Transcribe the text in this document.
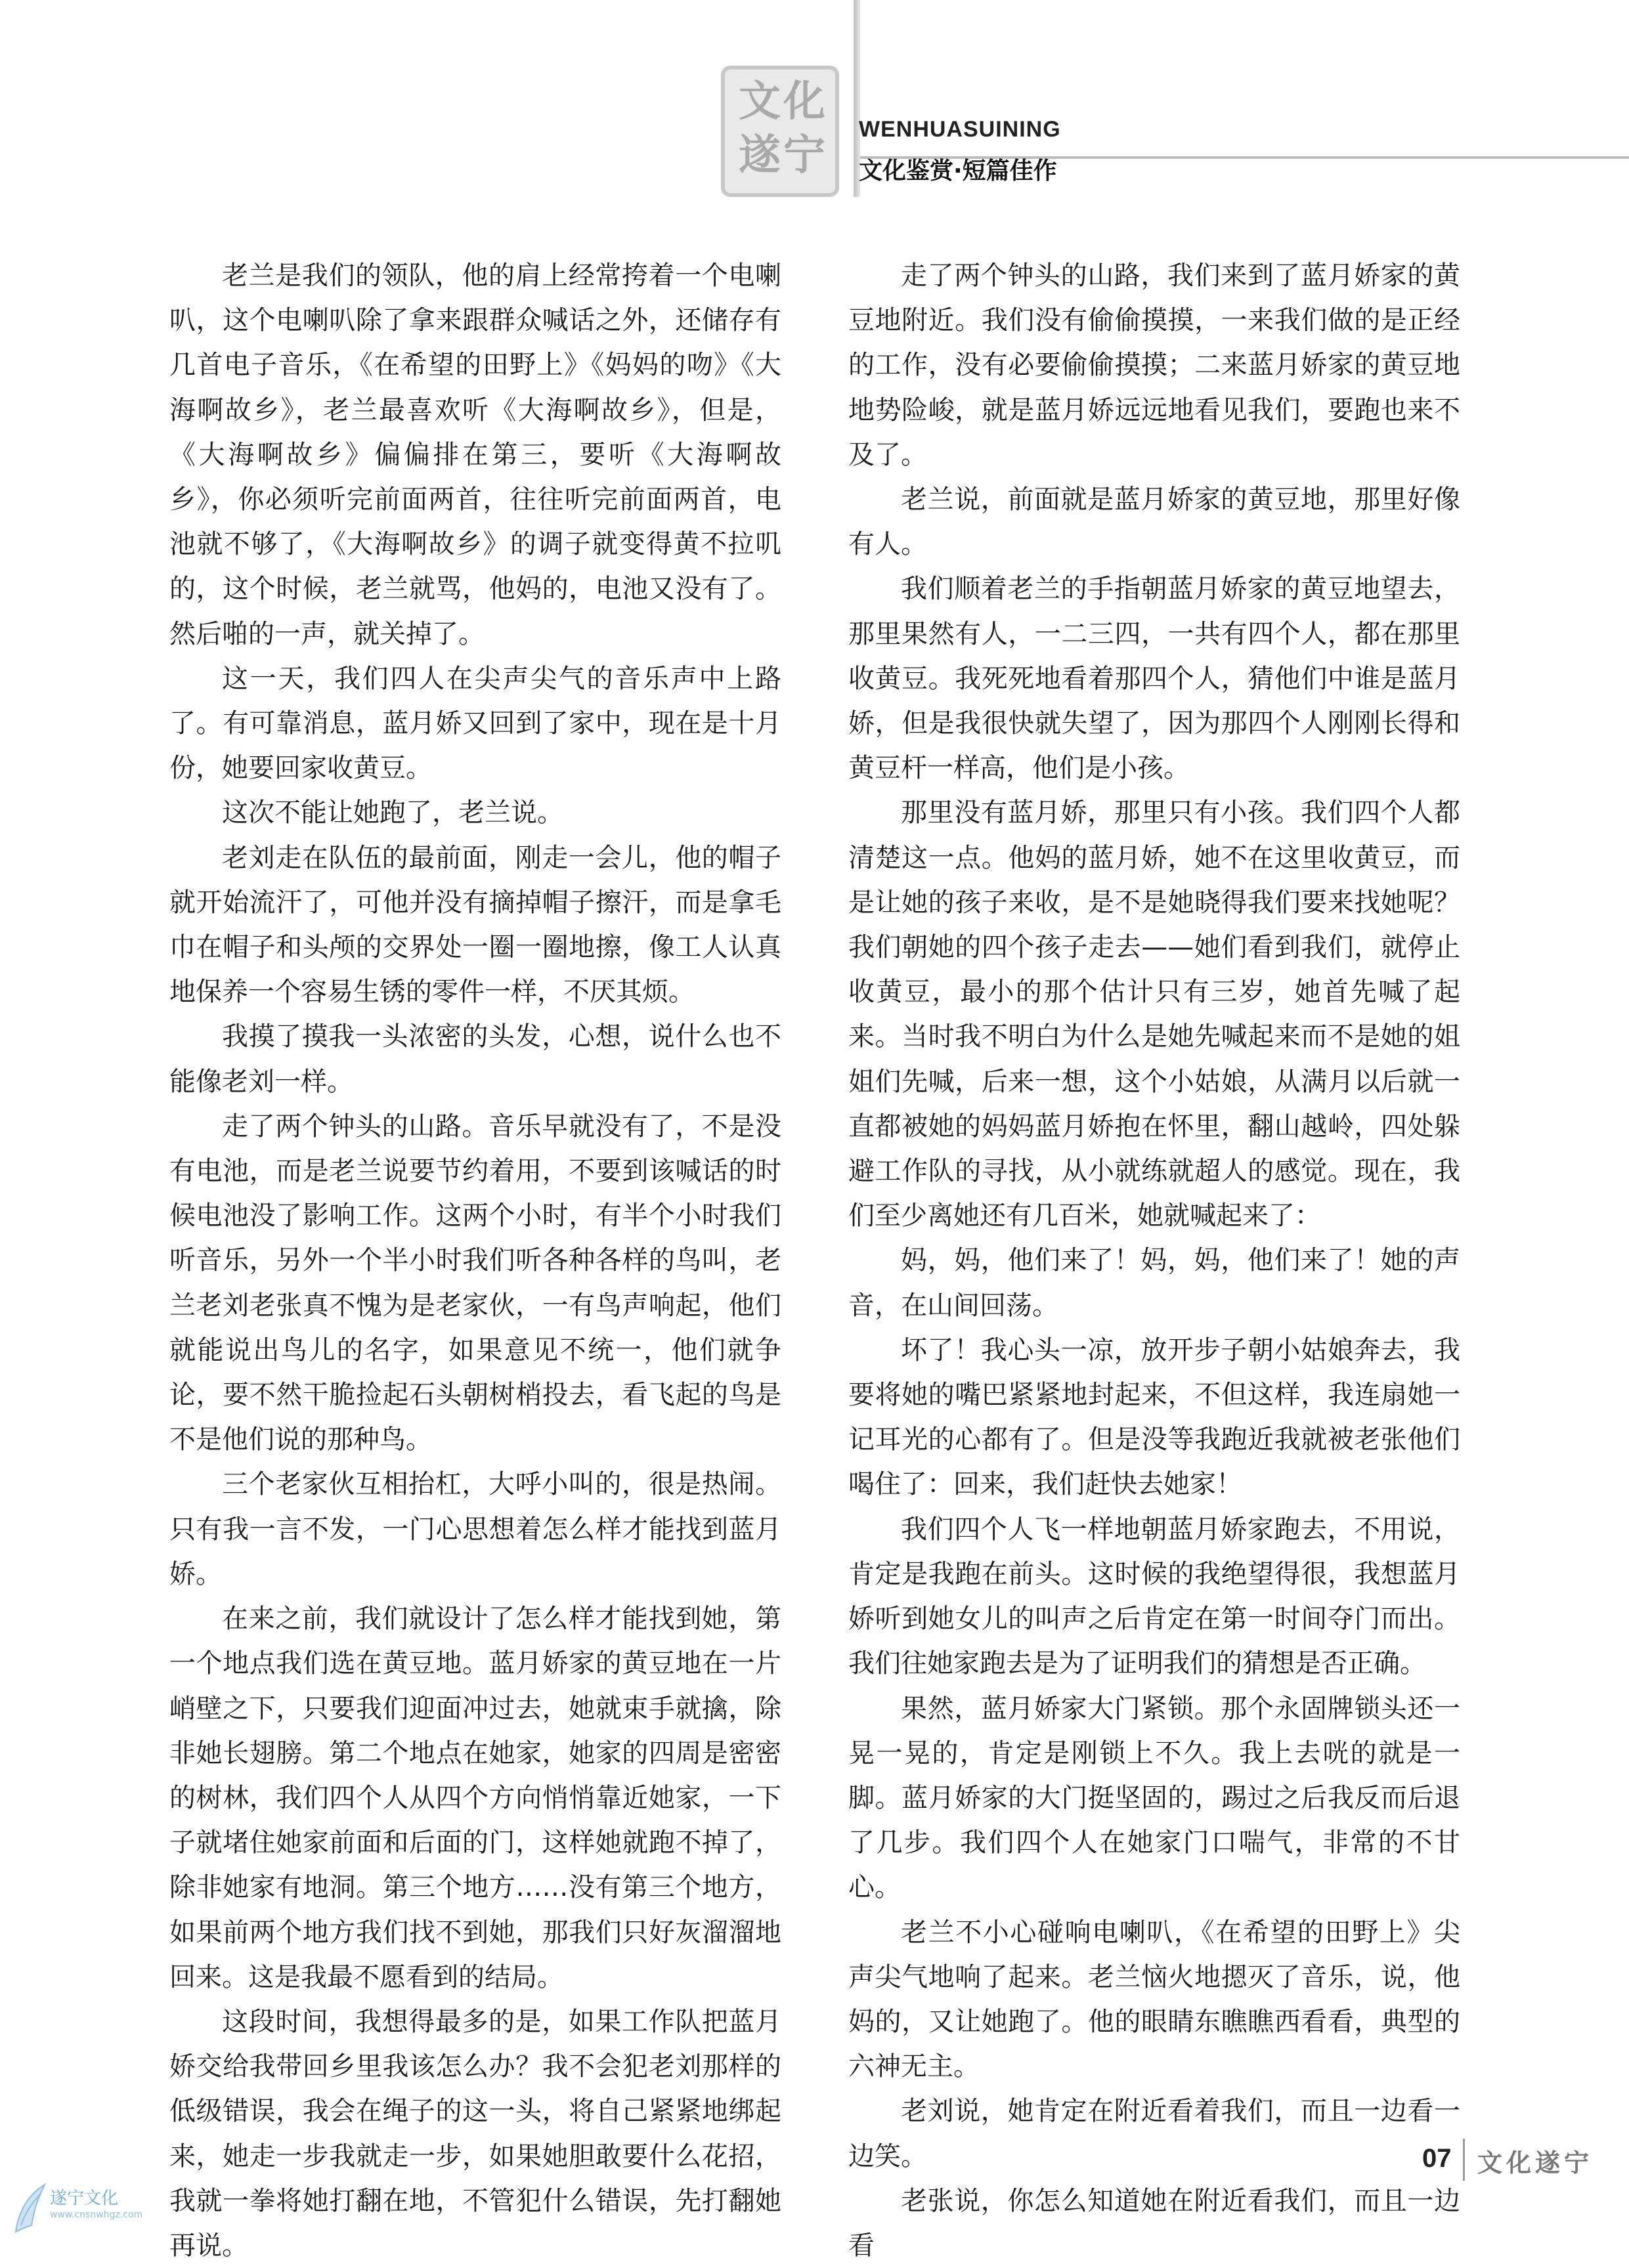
文 化
遂 宁
WENHUASUINING
文化鉴赏·短篇佳作

老兰是我们的领队，他的肩上经常挎着一个电喇叭，这个电喇叭除了拿来跟群众喊话之外，还储存有几首电子音乐，《在希望的田野上》《妈妈的吻》《大海啊故乡》，老兰最喜欢听《大海啊故乡》，但是，《大海啊故乡》偏偏排在第三，要听《大海啊故乡》，你必须听完前面两首，往往听完前面两首，电池就不够了，《大海啊故乡》的调子就变得黄不拉叽的，这个时候，老兰就骂，他妈的，电池又没有了。然后啪的一声，就关掉了。

这一天，我们四人在尖声尖气的音乐声中上路了。有可靠消息，蓝月娇又回到了家中，现在是十月份，她要回家收黄豆。

这次不能让她跑了，老兰说。

老刘走在队伍的最前面，刚走一会儿，他的帽子就开始流汗了，可他并没有摘掉帽子擦汗，而是拿毛巾在帽子和头颅的交界处一圈一圈地擦，像工人认真地保养一个容易生锈的零件一样，不厌其烦。

我摸了摸我一头浓密的头发，心想，说什么也不能像老刘一样。

走了两个钟头的山路。音乐早就没有了，不是没有电池，而是老兰说要节约着用，不要到该喊话的时候电池没了影响工作。这两个小时，有半个小时我们听音乐，另外一个半小时我们听各种各样的鸟叫，老兰老刘老张真不愧为是老家伙，一有鸟声响起，他们就能说出鸟儿的名字，如果意见不统一，他们就争论，要不然干脆捡起石头朝树梢投去，看飞起的鸟是不是他们说的那种鸟。

三个老家伙互相抬杠，大呼小叫的，很是热闹。只有我一言不发，一门心思想着怎么样才能找到蓝月娇。

在来之前，我们就设计了怎么样才能找到她，第一个地点我们选在黄豆地。蓝月娇家的黄豆地在一片峭壁之下，只要我们迎面冲过去，她就束手就擒，除非她长翅膀。第二个地点在她家，她家的四周是密密的树林，我们四个人从四个方向悄悄靠近她家，一下子就堵住她家前面和后面的门，这样她就跑不掉了，除非她家有地洞。第三个地方……没有第三个地方，如果前两个地方我们找不到她，那我们只好灰溜溜地回来。这是我最不愿看到的结局。

这段时间，我想得最多的是，如果工作队把蓝月娇交给我带回乡里我该怎么办？我不会犯老刘那样的低级错误，我会在绳子的这一头，将自己紧紧地绑起来，她走一步我就走一步，如果她胆敢要什么花招，我就一拳将她打翻在地，不管犯什么错误，先打翻她再说。

走了两个钟头的山路，我们来到了蓝月娇家的黄豆地附近。我们没有偷偷摸摸，一来我们做的是正经的工作，没有必要偷偷摸摸；二来蓝月娇家的黄豆地地势险峻，就是蓝月娇远远地看见我们，要跑也来不及了。

老兰说，前面就是蓝月娇家的黄豆地，那里好像有人。

我们顺着老兰的手指朝蓝月娇家的黄豆地望去，那里果然有人，一二三四，一共有四个人，都在那里收黄豆。我死死地看着那四个人，猜他们中谁是蓝月娇，但是我很快就失望了，因为那四个人刚刚长得和黄豆杆一样高，他们是小孩。

那里没有蓝月娇，那里只有小孩。我们四个人都清楚这一点。他妈的蓝月娇，她不在这里收黄豆，而是让她的孩子来收，是不是她晓得我们要来找她呢？我们朝她的四个孩子走去——她们看到我们，就停止收黄豆，最小的那个估计只有三岁，她首先喊了起来。当时我不明白为什么是她先喊起来而不是她的姐姐们先喊，后来一想，这个小姑娘，从满月以后就一直都被她的妈妈蓝月娇抱在怀里，翻山越岭，四处躲避工作队的寻找，从小就练就超人的感觉。现在，我们至少离她还有几百米，她就喊起来了：

妈，妈，他们来了！妈，妈，他们来了！她的声音，在山间回荡。

坏了！我心头一凉，放开步子朝小姑娘奔去，我要将她的嘴巴紧紧地封起来，不但这样，我连扇她一记耳光的心都有了。但是没等我跑近我就被老张他们喝住了：回来，我们赶快去她家！

我们四个人飞一样地朝蓝月娇家跑去，不用说，肯定是我跑在前头。这时候的我绝望得很，我想蓝月娇听到她女儿的叫声之后肯定在第一时间夺门而出。我们往她家跑去是为了证明我们的猜想是否正确。

果然，蓝月娇家大门紧锁。那个永固牌锁头还一晃一晃的，肯定是刚锁上不久。我上去咣的就是一脚。蓝月娇家的大门挺坚固的，踢过之后我反而后退了几步。我们四个人在她家门口喘气，非常的不甘心。

老兰不小心碰响电喇叭，《在希望的田野上》尖声尖气地响了起来。老兰恼火地摁灭了音乐，说，他妈的，又让她跑了。他的眼睛东瞧瞧西看看，典型的六神无主。

老刘说，她肯定在附近看着我们，而且一边看一边笑。

老张说，你怎么知道她在附近看我们，而且一边看

07 文化遂宁
遂宁文化
www.cnsnwhgz.com
